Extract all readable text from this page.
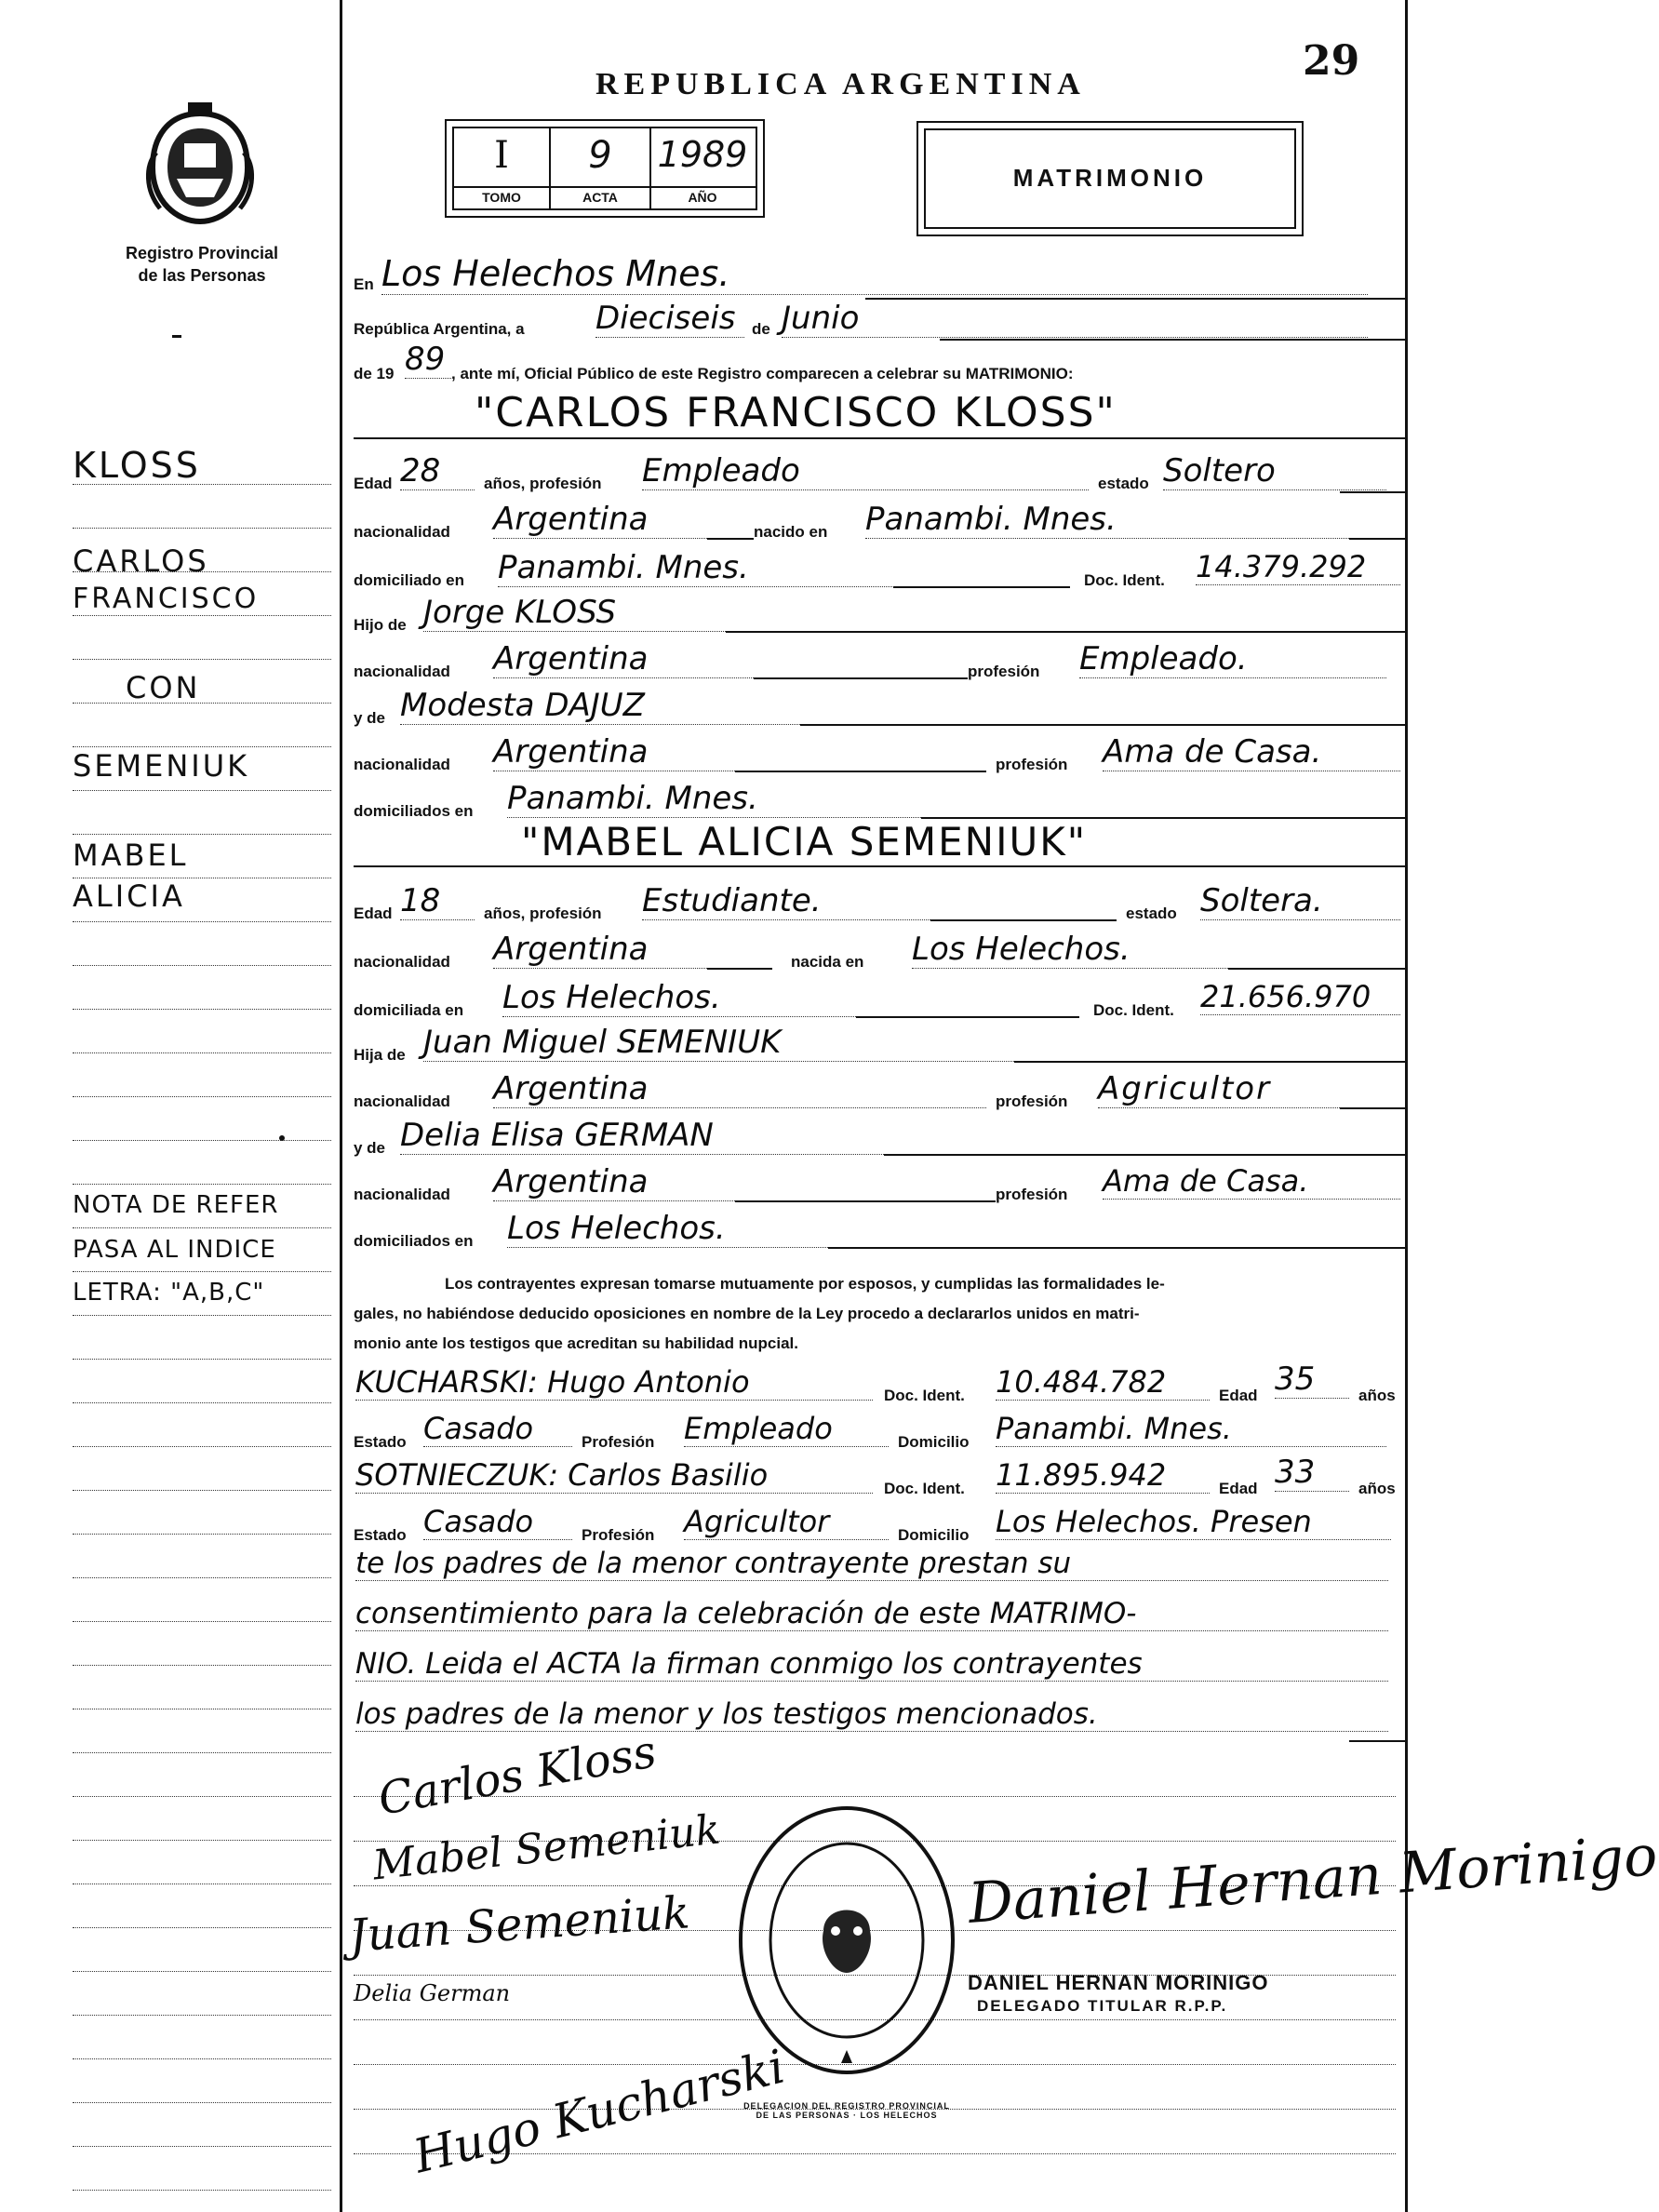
29
REPUBLICA ARGENTINA
Registro Provincial
de las Personas
I	9	1989
TOMO	ACTA	AÑO
MATRIMONIO
KLOSS
CARLOS
FRANCISCO
CON
SEMENIUK
MABEL
ALICIA
NOTA DE REFER
PASA AL INDICE
LETRA: "A,B,C"
En Los Helechos Mnes.
República Argentina, a Dieciseis	de Junio
de 19 89 , ante mí, Oficial Público de este Registro comparecen a celebrar su MATRIMONIO:
"CARLOS FRANCISCO KLOSS"
Edad 28	años, profesión Empleado	estado Soltero
nacionalidad Argentina	nacido en Panambi. Mnes.
domiciliado en Panambi. Mnes.	Doc. Ident. 14.379.292
Hijo de Jorge KLOSS
nacionalidad Argentina	profesión Empleado.
y de Modesta DAJUZ
nacionalidad Argentina	profesión Ama de Casa.
domiciliados en Panambi. Mnes.
"MABEL ALICIA SEMENIUK"
Edad 18	años, profesión Estudiante.	estado Soltera.
nacionalidad Argentina	nacida en Los Helechos.
domiciliada en Los Helechos.	Doc. Ident. 21.656.970
Hija de Juan Miguel SEMENIUK
nacionalidad Argentina	profesión Agricultor
y de Delia Elisa GERMAN
nacionalidad Argentina	profesión Ama de Casa.
domiciliados en Los Helechos.
Los contrayentes expresan tomarse mutuamente por esposos, y cumplidas las formalidades le-
gales, no habiéndose deducido oposiciones en nombre de la Ley procedo a declararlos unidos en matri-
monio ante los testigos que acreditan su habilidad nupcial.
KUCHARSKI: Hugo Antonio	Doc. Ident. 10.484.782	Edad 35	años
Estado Casado	Profesión Empleado	Domicilio Panambi. Mnes.
SOTNIECZUK: Carlos Basilio	Doc. Ident. 11.895.942	Edad 33	años
Estado Casado	Profesión Agricultor	Domicilio Los Helechos. Presen
te los padres de la menor contrayente prestan su
consentimiento para la celebración de este MATRIMO-
NIO. Leida el ACTA la firman conmigo los contrayentes
los padres de la menor y los testigos mencionados.
Carlos Kloss
Mabel Semeniuk
Juan Semeniuk
Delia German
Hugo Kucharski
DELEGACION DEL REGISTRO PROVINCIAL DE LAS PERSONAS · LOS HELECHOS
Daniel Hernan Morinigo
DANIEL HERNAN MORINIGO
DELEGADO TITULAR R.P.P.
